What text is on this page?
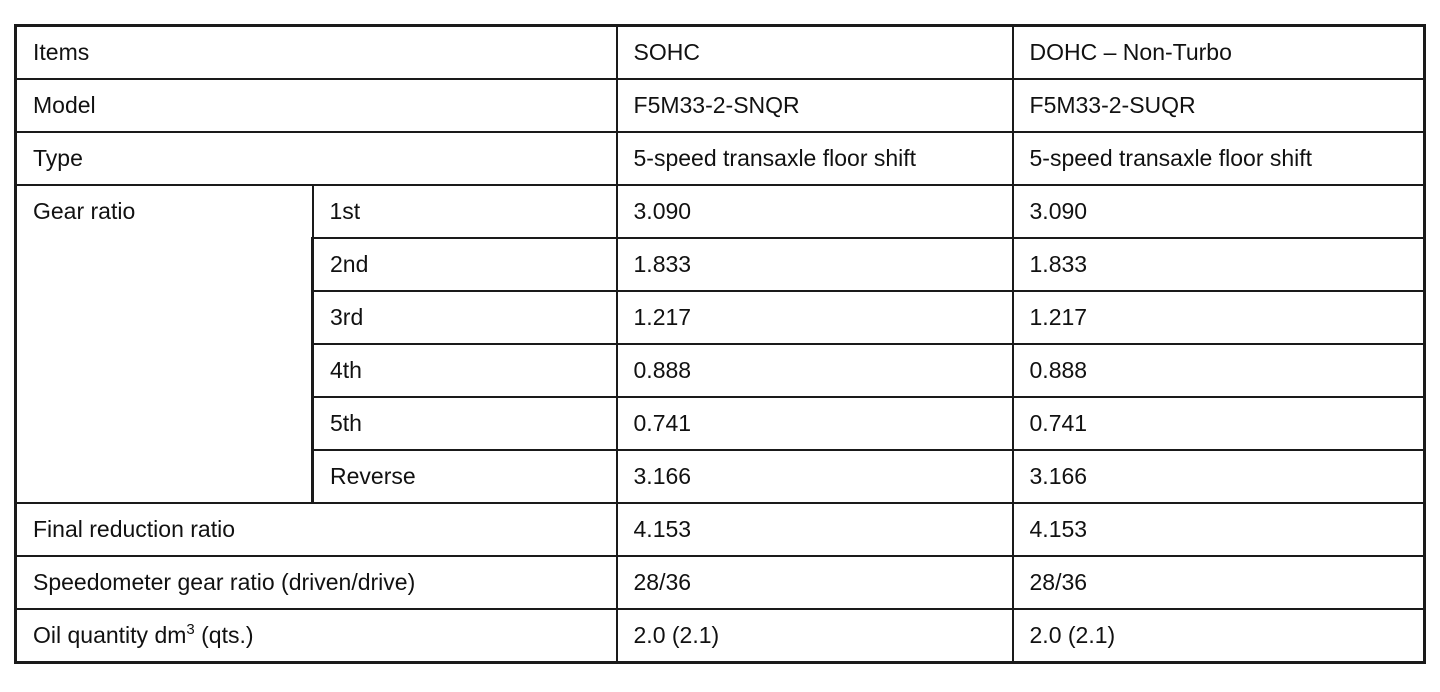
Items		SOHC	DOHC – Non-Turbo
Model		F5M33-2-SNQR	F5M33-2-SUQR
Type		5-speed transaxle floor shift	5-speed transaxle floor shift
Gear ratio	1st	3.090	3.090
	2nd	1.833	1.833
	3rd	1.217	1.217
	4th	0.888	0.888
	5th	0.741	0.741
	Reverse	3.166	3.166
Final reduction ratio		4.153	4.153
Speedometer gear ratio (driven/drive)		28/36	28/36
Oil quantity $dm^3$ (qts.)		2.0 (2.1)	2.0 (2.1)
